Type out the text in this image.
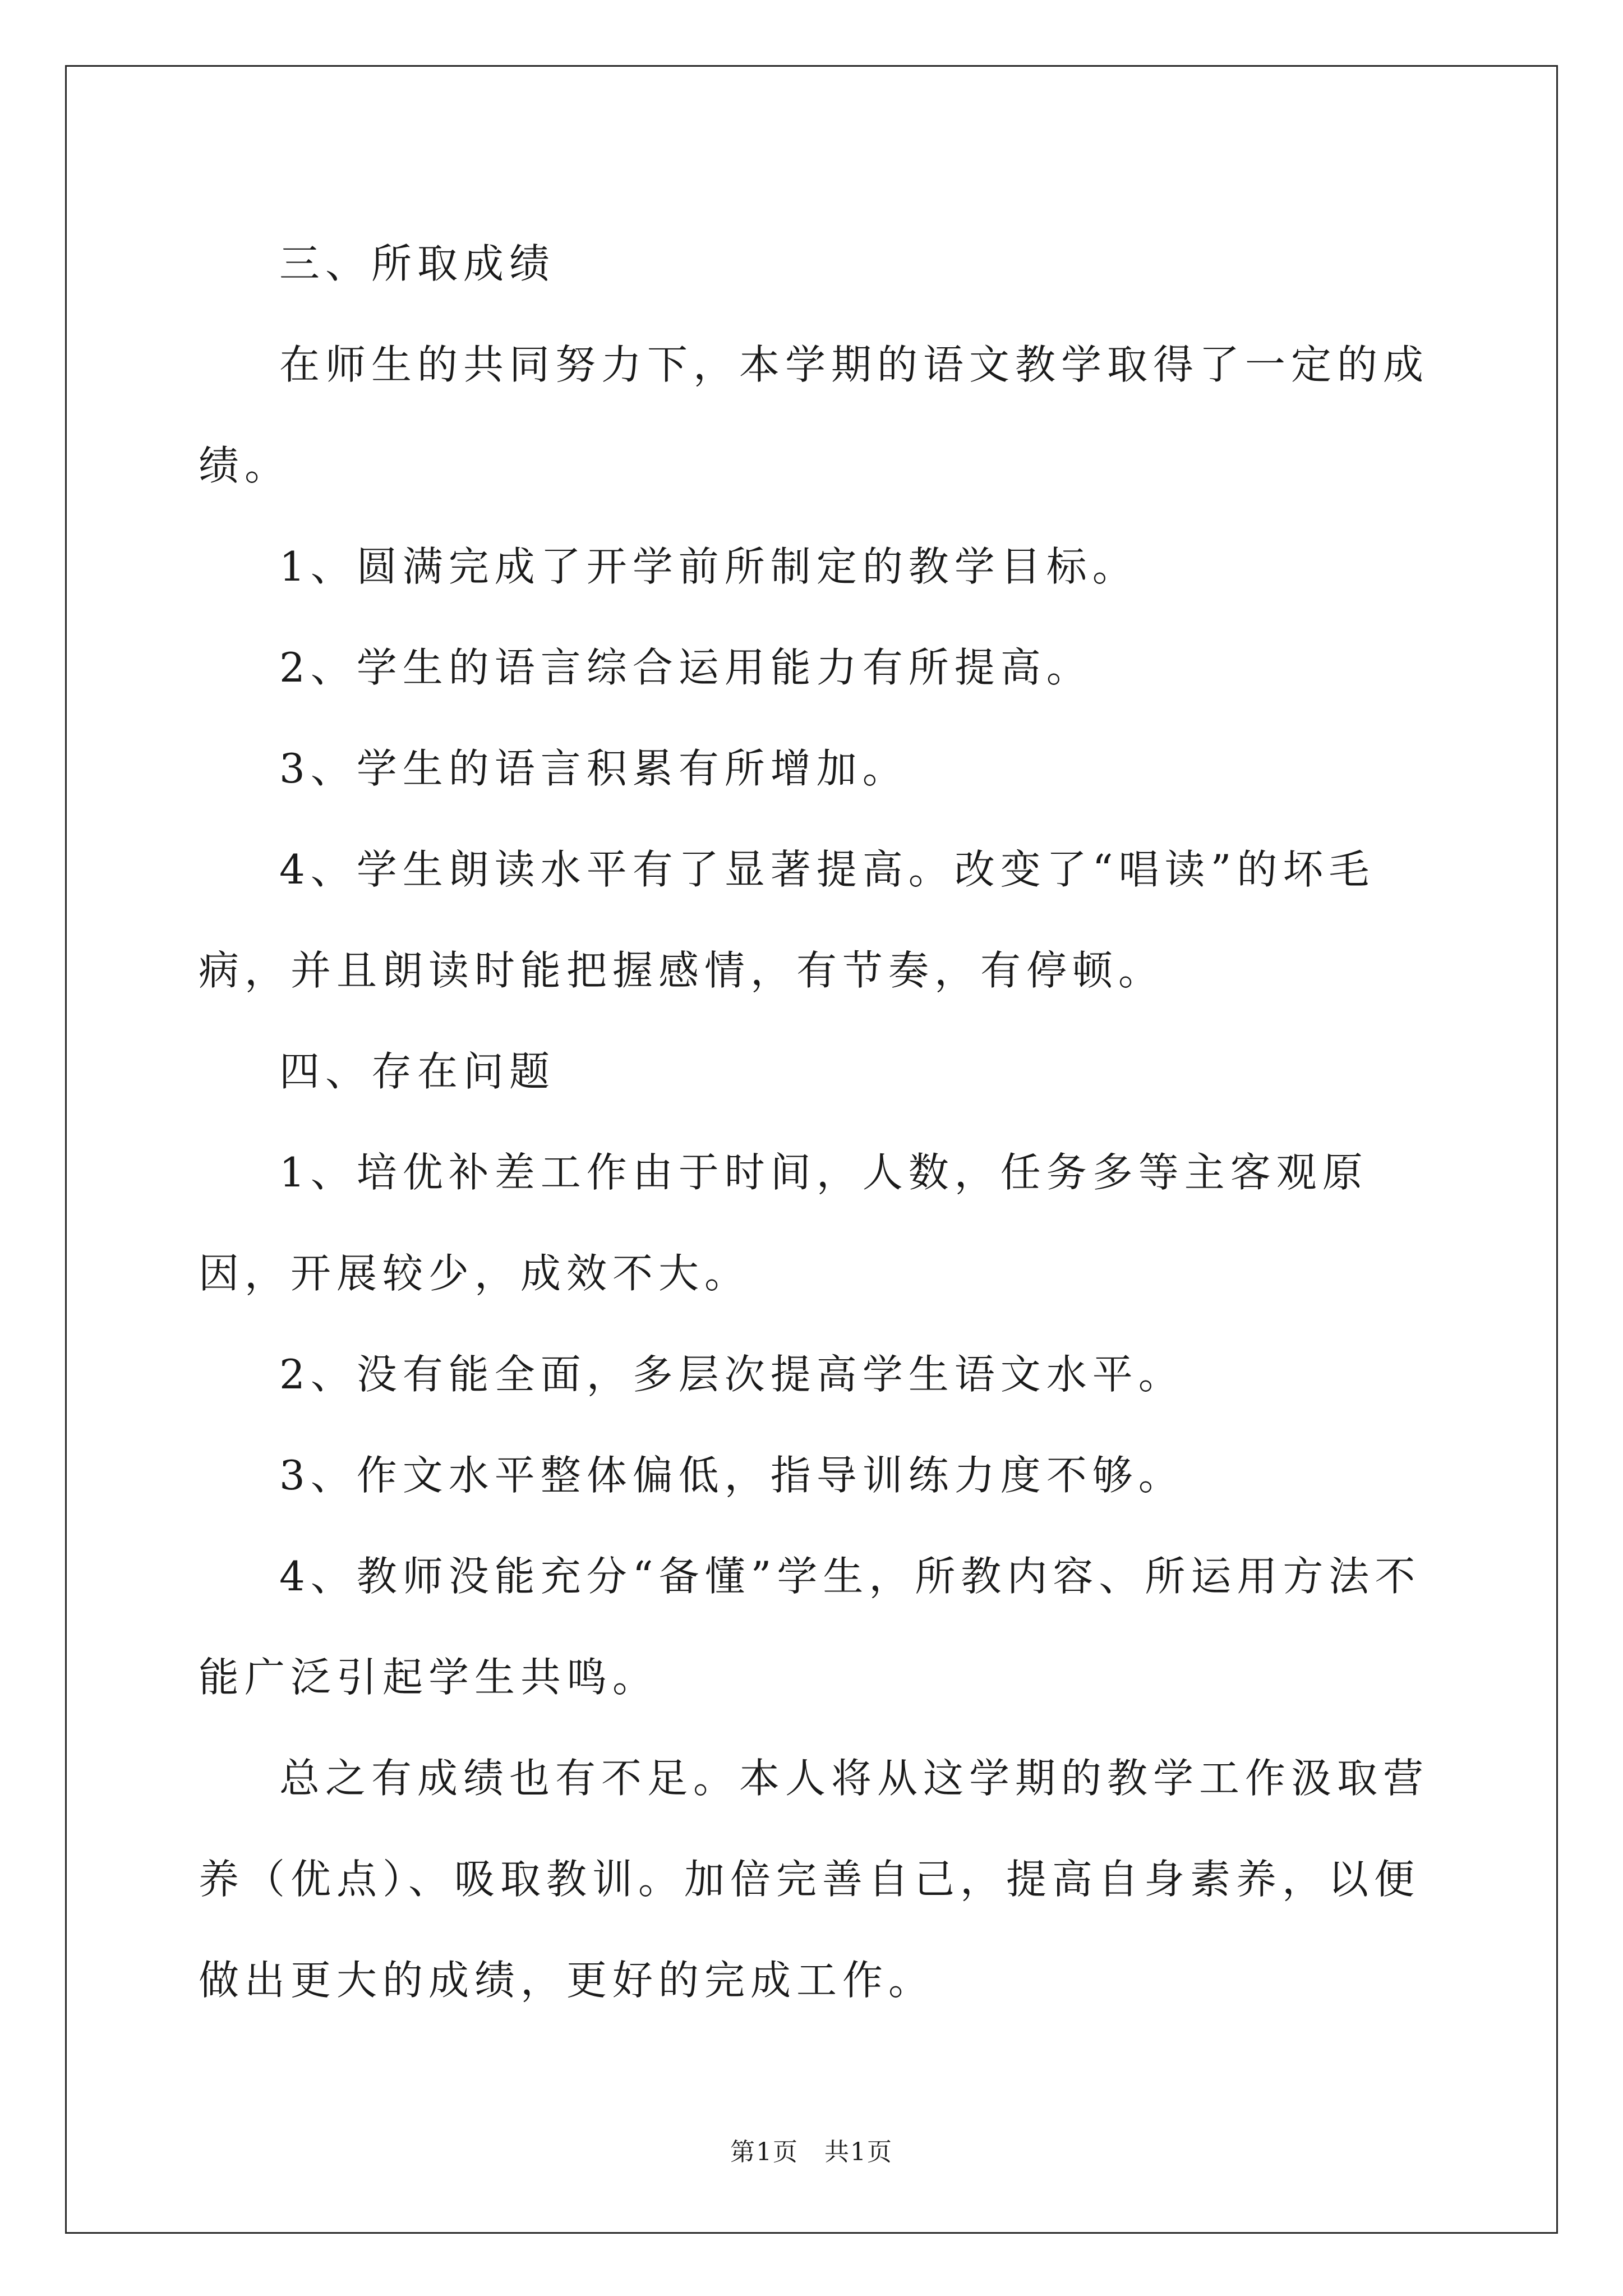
三、所取成绩

在师生的共同努力下，本学期的语文教学取得了一定的成绩。

1、圆满完成了开学前所制定的教学目标。

2、学生的语言综合运用能力有所提高。

3、学生的语言积累有所增加。

4、学生朗读水平有了显著提高。改变了“唱读”的坏毛病，并且朗读时能把握感情，有节奏，有停顿。

四、存在问题

1、培优补差工作由于时间，人数，任务多等主客观原因，开展较少，成效不大。

2、没有能全面，多层次提高学生语文水平。

3、作文水平整体偏低，指导训练力度不够。

4、教师没能充分“备懂”学生，所教内容、所运用方法不能广泛引起学生共鸣。

总之有成绩也有不足。本人将从这学期的教学工作汲取营养（优点）、吸取教训。加倍完善自己，提高自身素养，以便做出更大的成绩，更好的完成工作。

第1页　共1页
